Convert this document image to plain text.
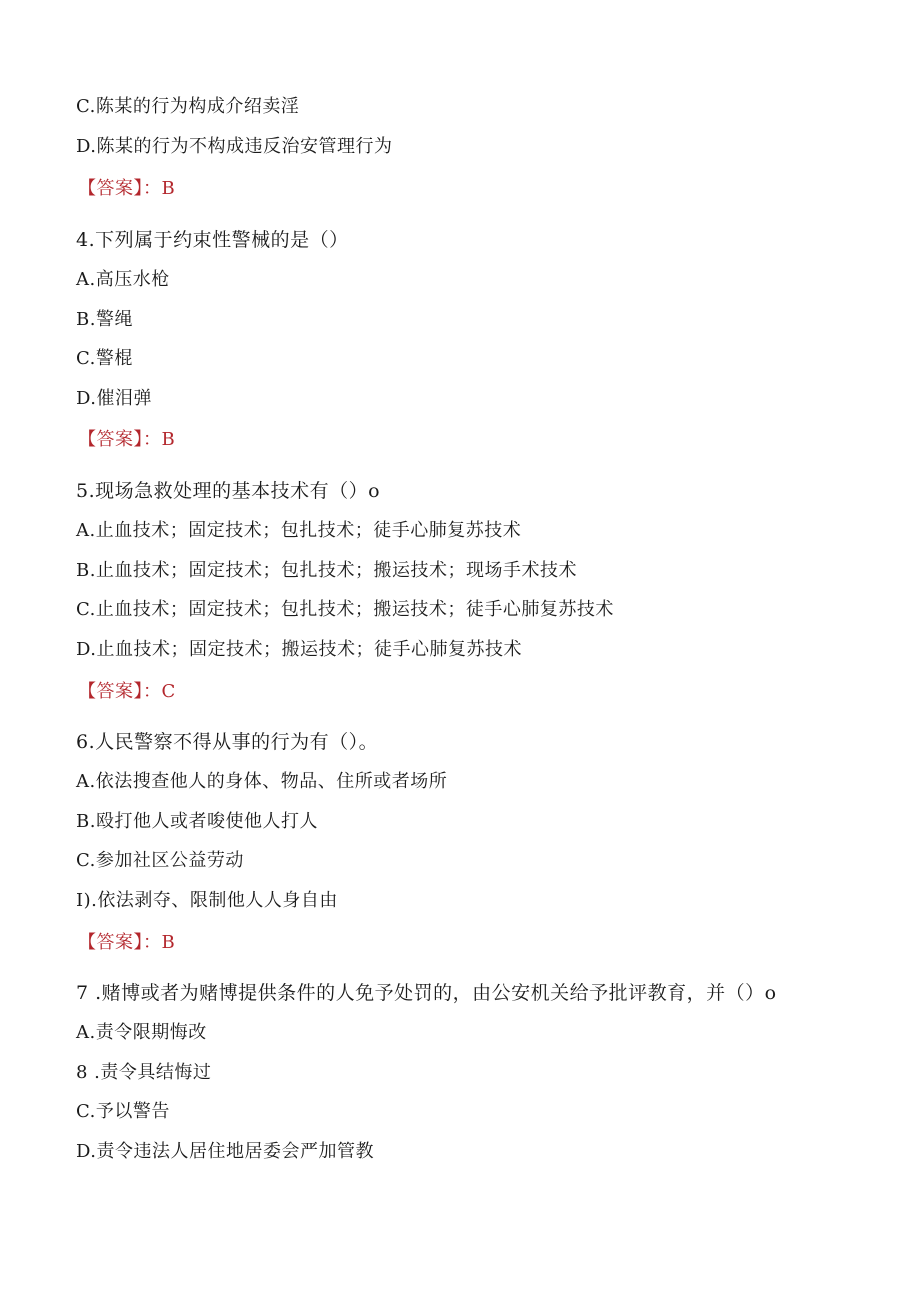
C.陈某的行为构成介绍卖淫
D.陈某的行为不构成违反治安管理行为
【答案】：B
4.下列属于约束性警械的是（）
A.高压水枪
B.警绳
C.警棍
D.催泪弹
【答案】：B
5.现场急救处理的基本技术有（）o
A.止血技术；固定技术；包扎技术；徒手心肺复苏技术
B.止血技术；固定技术；包扎技术；搬运技术；现场手术技术
C.止血技术；固定技术；包扎技术；搬运技术；徒手心肺复苏技术
D.止血技术；固定技术；搬运技术；徒手心肺复苏技术
【答案】：C
6.人民警察不得从事的行为有（）。
A.依法搜查他人的身体、物品、住所或者场所
B.殴打他人或者唆使他人打人
C.参加社区公益劳动
I).依法剥夺、限制他人人身自由
【答案】：B
7 .赌博或者为赌博提供条件的人免予处罚的，由公安机关给予批评教育，并（）o
A.责令限期悔改
8 .责令具结悔过
C.予以警告
D.责令违法人居住地居委会严加管教
